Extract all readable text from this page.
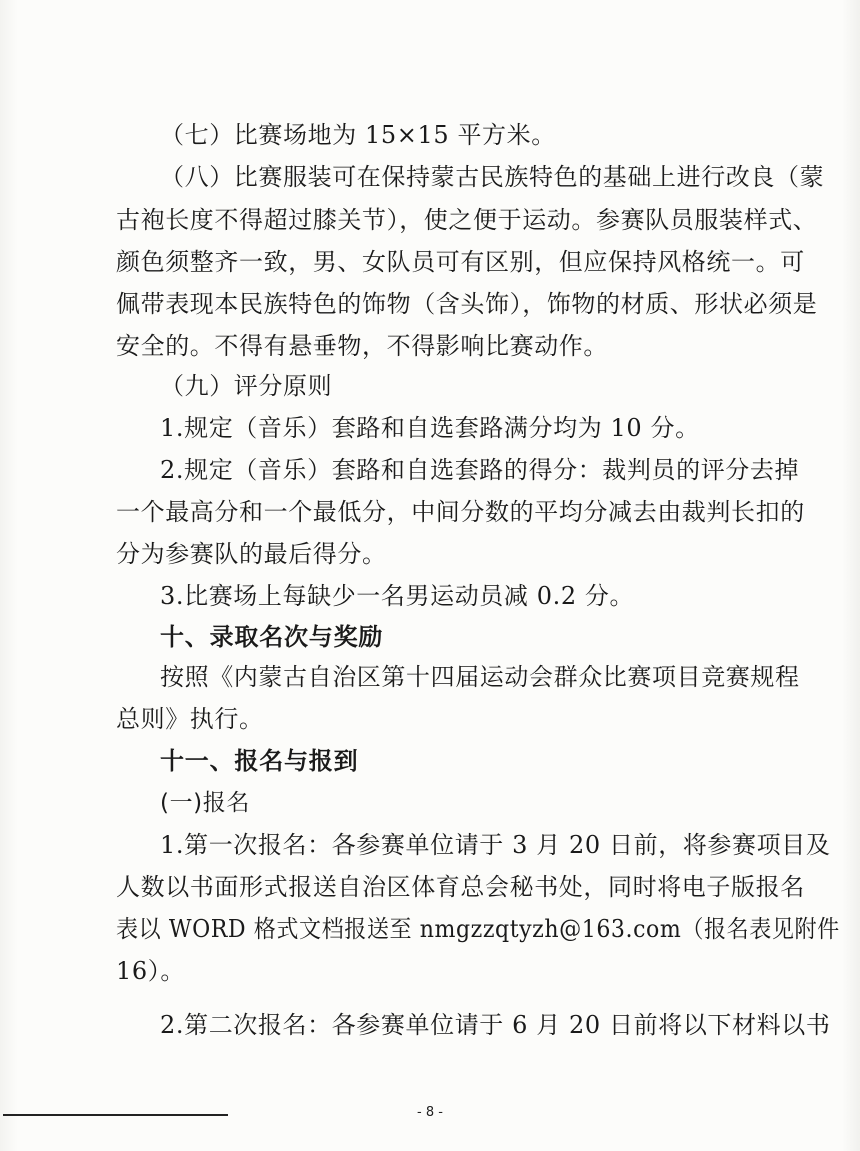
（七）比赛场地为 15×15 平方米。
（八）比赛服装可在保持蒙古民族特色的基础上进行改良（蒙
古袍长度不得超过膝关节），使之便于运动。参赛队员服装样式、
颜色须整齐一致，男、女队员可有区别，但应保持风格统一。可
佩带表现本民族特色的饰物（含头饰），饰物的材质、形状必须是
安全的。不得有悬垂物，不得影响比赛动作。
（九）评分原则
1.规定（音乐）套路和自选套路满分均为 10 分。
2.规定（音乐）套路和自选套路的得分：裁判员的评分去掉
一个最高分和一个最低分，中间分数的平均分减去由裁判长扣的
分为参赛队的最后得分。
3.比赛场上每缺少一名男运动员减 0.2 分。
十、录取名次与奖励
按照《内蒙古自治区第十四届运动会群众比赛项目竞赛规程
总则》执行。
十一、报名与报到
(一)报名
1.第一次报名：各参赛单位请于 3 月 20 日前，将参赛项目及
人数以书面形式报送自治区体育总会秘书处，同时将电子版报名
表以 WORD 格式文档报送至 nmgzzqtyzh@163.com（报名表见附件
16）。
2.第二次报名：各参赛单位请于 6 月 20 日前将以下材料以书
- 8 -
